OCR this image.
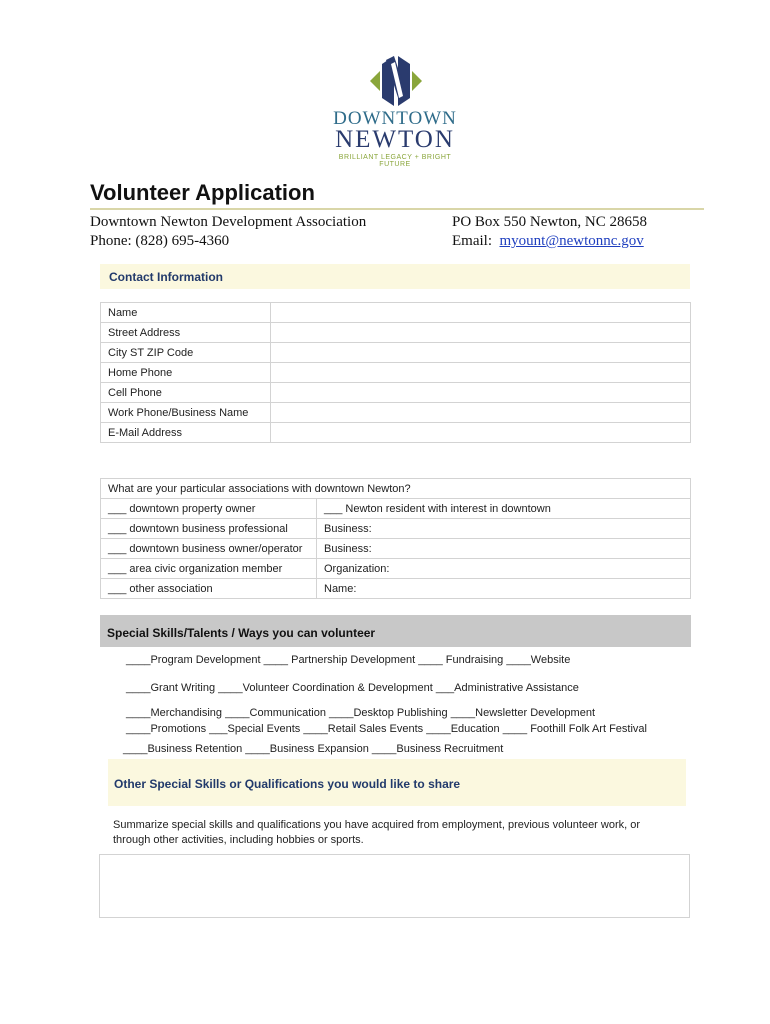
DOWNTOWN
NEWTON
BRILLIANT LEGACY + BRIGHT FUTURE
Volunteer Application
Downtown Newton Development Association
Phone: (828) 695-4360
PO Box 550 Newton, NC 28658
Email: myount@newtonnc.gov
Contact Information
Name	
Street Address	
City ST ZIP Code	
Home Phone	
Cell Phone	
Work Phone/Business Name	
E-Mail Address	
What are your particular associations with downtown Newton?	
___ downtown property owner	___ Newton resident with interest in downtown
___ downtown business professional	Business:
___ downtown business owner/operator	Business:
___ area civic organization member	Organization:
___ other association	Name:
Special Skills/Talents / Ways you can volunteer
____Program Development ____ Partnership Development ____ Fundraising ____Website
____Grant Writing ____Volunteer Coordination & Development ___Administrative Assistance
____Merchandising ____Communication ____Desktop Publishing ____Newsletter Development
____Promotions ___Special Events ____Retail Sales Events ____Education ____ Foothill Folk Art Festival
____Business Retention ____Business Expansion ____Business Recruitment
Other Special Skills or Qualifications you would like to share
Summarize special skills and qualifications you have acquired from employment, previous volunteer work, or through other activities, including hobbies or sports.
